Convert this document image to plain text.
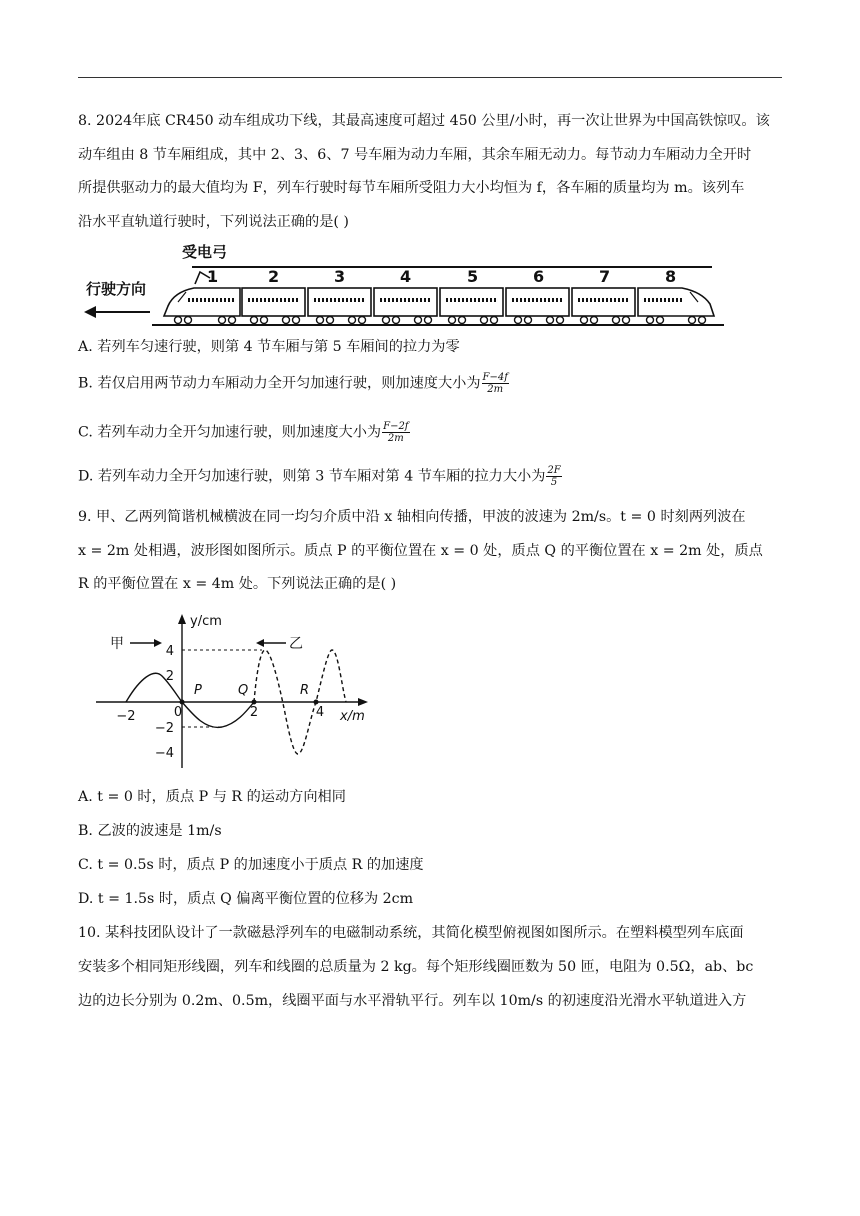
8. 2024年底 CR450 动车组成功下线，其最高速度可超过 450 公里/小时，再一次让世界为中国高铁惊叹。该
动车组由 8 节车厢组成，其中 2、3、6、7 号车厢为动力车厢，其余车厢无动力。每节动力车厢动力全开时
所提供驱动力的最大值均为 F，列车行驶时每节车厢所受阻力大小均恒为 f，各车厢的质量均为 m。该列车
沿水平直轨道行驶时，下列说法正确的是( )
受电弓
行驶方向
1	2	3	4	5	6	7	8
A. 若列车匀速行驶，则第 4 节车厢与第 5 车厢间的拉力为零
B. 若仅启用两节动力车厢动力全开匀加速行驶，则加速度大小为 $\frac{F-4f}{2m}$
C. 若列车动力全开匀加速行驶，则加速度大小为 $\frac{F-2f}{2m}$
D. 若列车动力全开匀加速行驶，则第 3 节车厢对第 4 节车厢的拉力大小为 $\frac{2F}{5}$
9. 甲、乙两列简谐机械横波在同一均匀介质中沿 x 轴相向传播，甲波的波速为 2m/s。t = 0 时刻两列波在
x = 2m 处相遇，波形图如图所示。质点 P 的平衡位置在 x = 0 处，质点 Q 的平衡位置在 x = 2m 处，质点
R 的平衡位置在 x = 4m 处。下列说法正确的是( )
y/cm
x/m
4
2
−2
−4
−2	0	2	4
P	Q	R
甲	乙
A. t = 0 时，质点 P 与 R 的运动方向相同
B. 乙波的波速是 1m/s
C. t = 0.5s 时，质点 P 的加速度小于质点 R 的加速度
D. t = 1.5s 时，质点 Q 偏离平衡位置的位移为 2cm
10. 某科技团队设计了一款磁悬浮列车的电磁制动系统，其简化模型俯视图如图所示。在塑料模型列车底面
安装多个相同矩形线圈，列车和线圈的总质量为 2 kg。每个矩形线圈匝数为 50 匝，电阻为 0.5Ω，ab、bc
边的边长分别为 0.2m、0.5m，线圈平面与水平滑轨平行。列车以 10m/s 的初速度沿光滑水平轨道进入方
